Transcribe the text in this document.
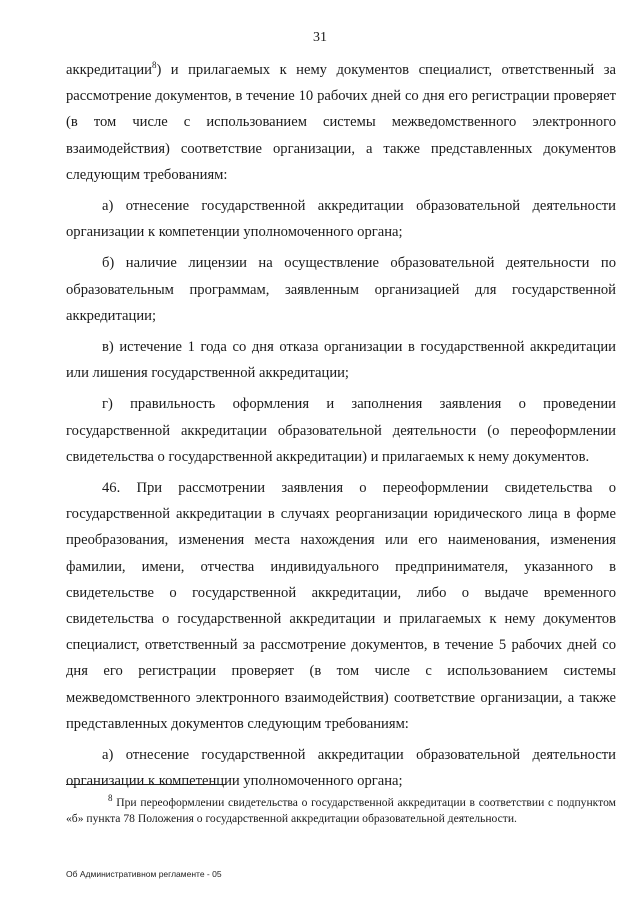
31

аккредитации$^8$) и прилагаемых к нему документов специалист, ответственный за рассмотрение документов, в течение 10 рабочих дней со дня его регистрации проверяет (в том числе с использованием системы межведомственного электронного взаимодействия) соответствие организации, а также представленных документов следующим требованиям:

а) отнесение государственной аккредитации образовательной деятельности организации к компетенции уполномоченного органа;

б) наличие лицензии на осуществление образовательной деятельности по образовательным программам, заявленным организацией для государственной аккредитации;

в) истечение 1 года со дня отказа организации в государственной аккредитации или лишения государственной аккредитации;

г) правильность оформления и заполнения заявления о проведении государственной аккредитации образовательной деятельности (о переоформлении свидетельства о государственной аккредитации) и прилагаемых к нему документов.

46. При рассмотрении заявления о переоформлении свидетельства о государственной аккредитации в случаях реорганизации юридического лица в форме преобразования, изменения места нахождения или его наименования, изменения фамилии, имени, отчества индивидуального предпринимателя, указанного в свидетельстве о государственной аккредитации, либо о выдаче временного свидетельства о государственной аккредитации и прилагаемых к нему документов специалист, ответственный за рассмотрение документов, в течение 5 рабочих дней со дня его регистрации проверяет (в том числе с использованием системы межведомственного электронного взаимодействия) соответствие организации, а также представленных документов следующим требованиям:

а) отнесение государственной аккредитации образовательной деятельности организации к компетенции уполномоченного органа;

$^8$ При переоформлении свидетельства о государственной аккредитации в соответствии с подпунктом «б» пункта 78 Положения о государственной аккредитации образовательной деятельности.

Об Административном регламенте - 05
